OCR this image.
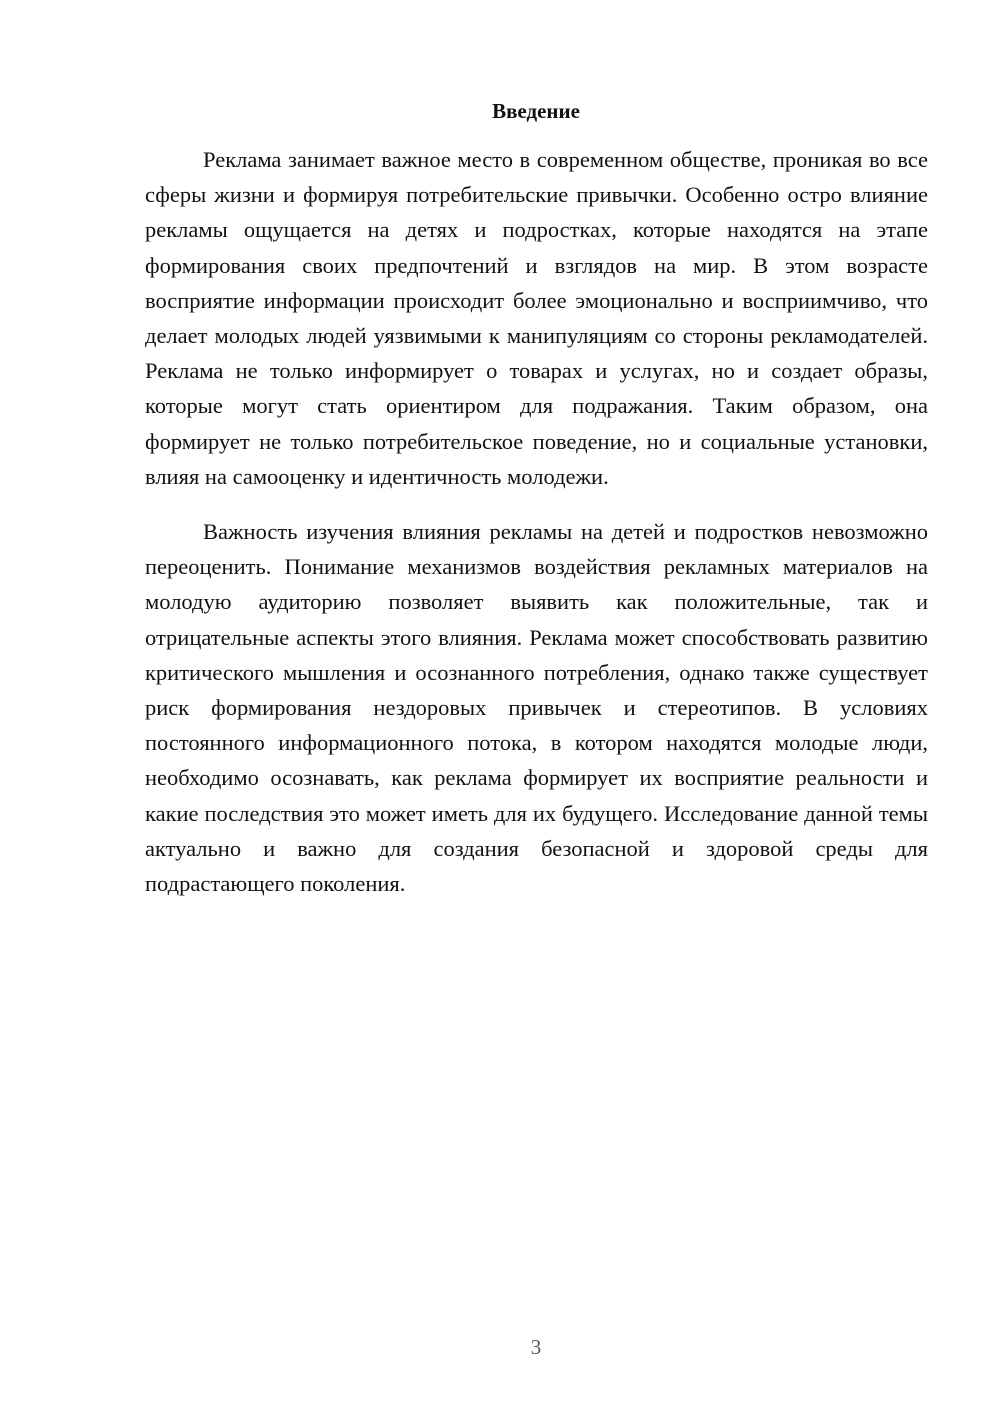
Введение

Реклама занимает важное место в современном обществе, проникая во все сферы жизни и формируя потребительские привычки. Особенно остро влияние рекламы ощущается на детях и подростках, которые находятся на этапе формирования своих предпочтений и взглядов на мир. В этом возрасте восприятие информации происходит более эмоционально и восприимчиво, что делает молодых людей уязвимыми к манипуляциям со стороны рекламодателей. Реклама не только информирует о товарах и услугах, но и создает образы, которые могут стать ориентиром для подражания. Таким образом, она формирует не только потребительское поведение, но и социальные установки, влияя на самооценку и идентичность молодежи.

Важность изучения влияния рекламы на детей и подростков невозможно переоценить. Понимание механизмов воздействия рекламных материалов на молодую аудиторию позволяет выявить как положительные, так и отрицательные аспекты этого влияния. Реклама может способствовать развитию критического мышления и осознанного потребления, однако также существует риск формирования нездоровых привычек и стереотипов. В условиях постоянного информационного потока, в котором находятся молодые люди, необходимо осознавать, как реклама формирует их восприятие реальности и какие последствия это может иметь для их будущего. Исследование данной темы актуально и важно для создания безопасной и здоровой среды для подрастающего поколения.

3
